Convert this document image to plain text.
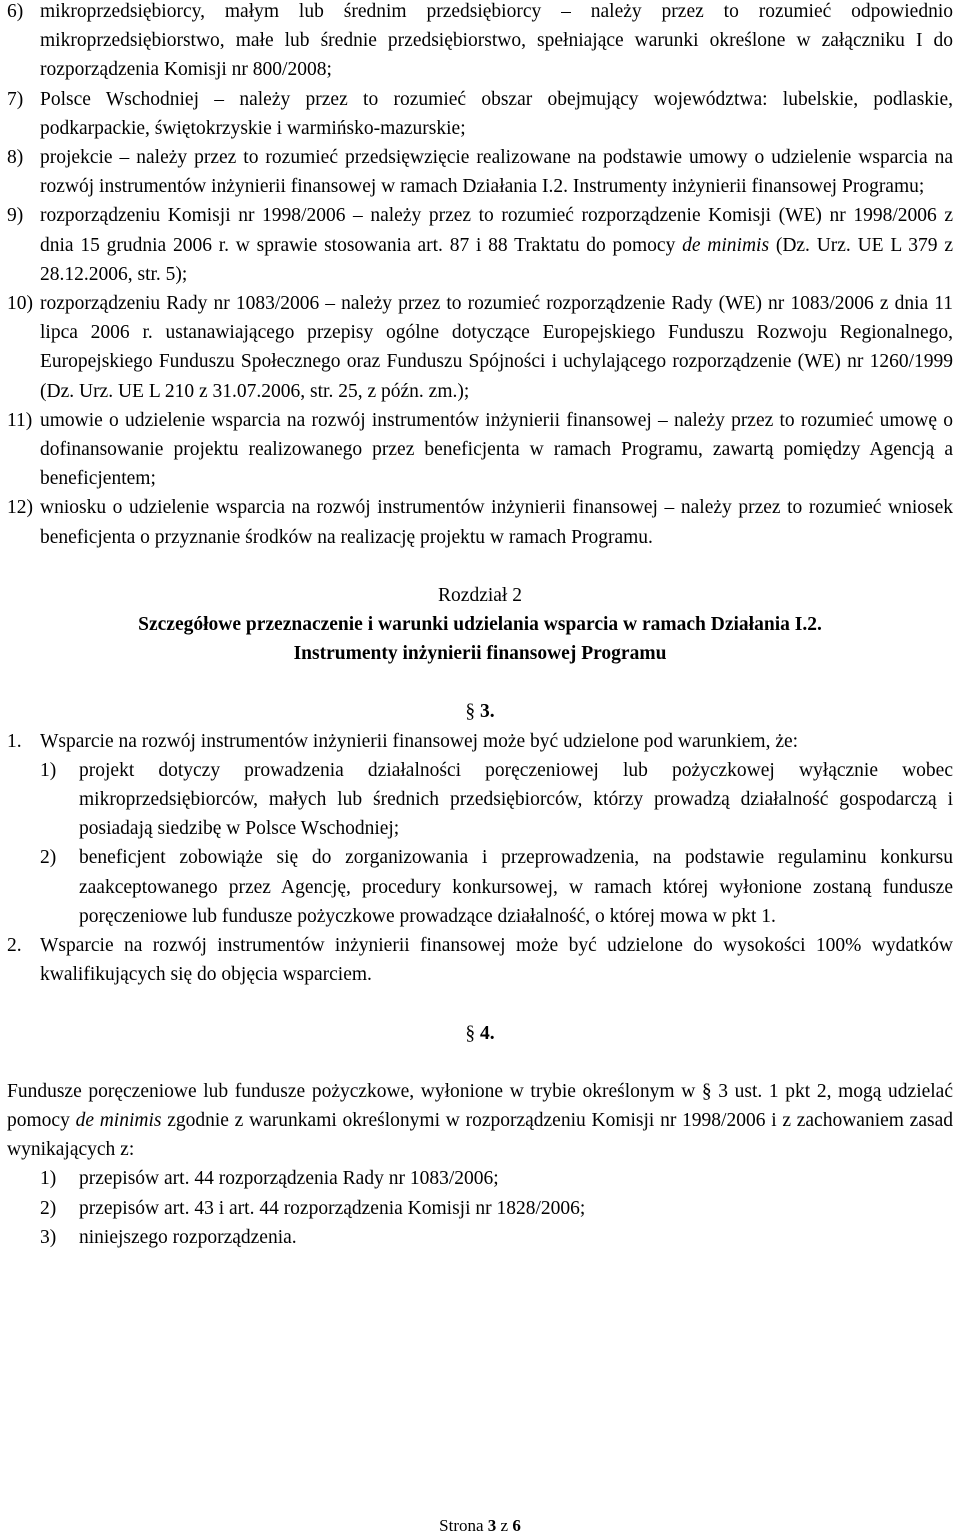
6) mikroprzedsiębiorcy, małym lub średnim przedsiębiorcy – należy przez to rozumieć odpowiednio mikroprzedsiębiorstwo, małe lub średnie przedsiębiorstwo, spełniające warunki określone w załączniku I do rozporządzenia Komisji nr 800/2008;
7) Polsce Wschodniej – należy przez to rozumieć obszar obejmujący województwa: lubelskie, podlaskie, podkarpackie, świętokrzyskie i warmińsko-mazurskie;
8) projekcie – należy przez to rozumieć przedsięwzięcie realizowane na podstawie umowy o udzielenie wsparcia na rozwój instrumentów inżynierii finansowej w ramach Działania I.2. Instrumenty inżynierii finansowej Programu;
9) rozporządzeniu Komisji nr 1998/2006 – należy przez to rozumieć rozporządzenie Komisji (WE) nr 1998/2006 z dnia 15 grudnia 2006 r. w sprawie stosowania art. 87 i 88 Traktatu do pomocy de minimis (Dz. Urz. UE L 379 z 28.12.2006, str. 5);
10) rozporządzeniu Rady nr 1083/2006 – należy przez to rozumieć rozporządzenie Rady (WE) nr 1083/2006 z dnia 11 lipca 2006 r. ustanawiającego przepisy ogólne dotyczące Europejskiego Funduszu Rozwoju Regionalnego, Europejskiego Funduszu Społecznego oraz Funduszu Spójności i uchylającego rozporządzenie (WE) nr 1260/1999 (Dz. Urz. UE L 210 z 31.07.2006, str. 25, z późn. zm.);
11) umowie o udzielenie wsparcia na rozwój instrumentów inżynierii finansowej – należy przez to rozumieć umowę o dofinansowanie projektu realizowanego przez beneficjenta w ramach Programu, zawartą pomiędzy Agencją a beneficjentem;
12) wniosku o udzielenie wsparcia na rozwój instrumentów inżynierii finansowej – należy przez to rozumieć wniosek beneficjenta o przyznanie środków na realizację projektu w ramach Programu.
Rozdział 2
Szczegółowe przeznaczenie i warunki udzielania wsparcia w ramach Działania I.2.
Instrumenty inżynierii finansowej Programu
§ 3.
1. Wsparcie na rozwój instrumentów inżynierii finansowej może być udzielone pod warunkiem, że:
1)	projekt dotyczy prowadzenia działalności poręczeniowej lub pożyczkowej wyłącznie wobec mikroprzedsiębiorców, małych lub średnich przedsiębiorców, którzy prowadzą działalność gospodarczą i posiadają siedzibę w Polsce Wschodniej;
2)	beneficjent zobowiąże się do zorganizowania i przeprowadzenia, na podstawie regulaminu konkursu zaakceptowanego przez Agencję, procedury konkursowej, w ramach której wyłonione zostaną fundusze poręczeniowe lub fundusze pożyczkowe prowadzące działalność, o której mowa w pkt 1.
2. Wsparcie na rozwój instrumentów inżynierii finansowej może być udzielone do wysokości 100% wydatków kwalifikujących się do objęcia wsparciem.
§ 4.
Fundusze poręczeniowe lub fundusze pożyczkowe, wyłonione w trybie określonym w § 3 ust. 1 pkt 2, mogą udzielać pomocy de minimis zgodnie z warunkami określonymi w rozporządzeniu Komisji nr 1998/2006 i z zachowaniem zasad wynikających z:
1)	przepisów art. 44 rozporządzenia Rady nr 1083/2006;
2)	przepisów art. 43 i art. 44 rozporządzenia Komisji nr 1828/2006;
3)	niniejszego rozporządzenia.
Strona 3 z 6
